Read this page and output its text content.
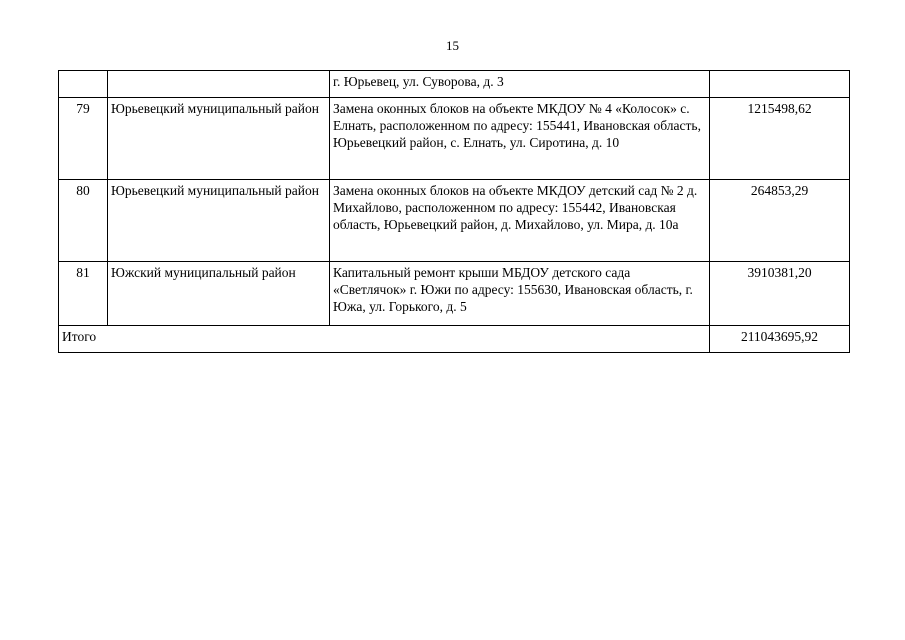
15
		г. Юрьевец, ул. Суворова, д. 3	
79	Юрьевецкий муниципальный район	Замена оконных блоков на объекте МКДОУ № 4 «Колосок» с. Елнать, расположенном по адресу: 155441, Ивановская область, Юрьевецкий район, с. Елнать, ул. Сиротина, д. 10	1215498,62
80	Юрьевецкий муниципальный район	Замена оконных блоков на объекте МКДОУ детский сад № 2 д. Михайлово, расположенном по адресу: 155442, Ивановская область, Юрьевецкий район, д. Михайлово, ул. Мира, д. 10а	264853,29
81	Южский муниципальный район	Капитальный ремонт крыши МБДОУ детского сада «Светлячок» г. Южи по адресу: 155630, Ивановская область, г. Южа, ул. Горького, д. 5	3910381,20
Итого			211043695,92
